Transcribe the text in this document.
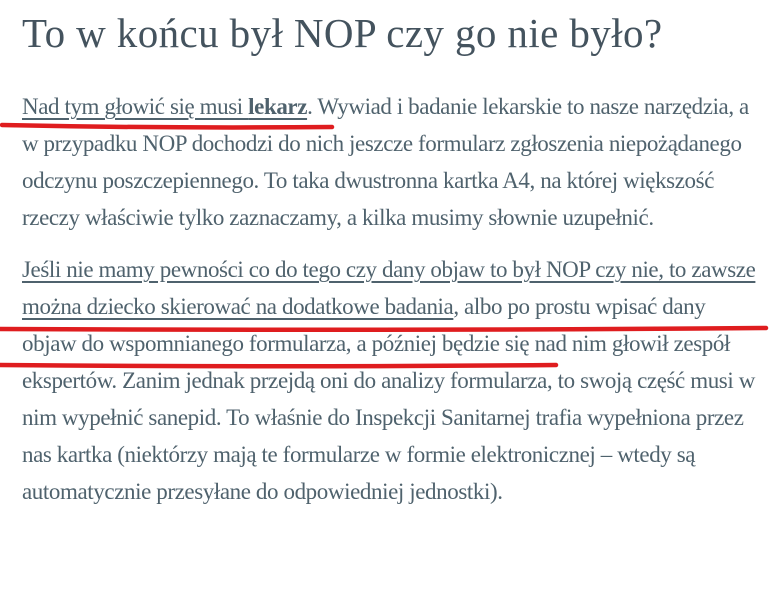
To w końcu był NOP czy go nie było?

Nad tym głowić się musi lekarz. Wywiad i badanie lekarskie to nasze narzędzia, a w przypadku NOP dochodzi do nich jeszcze formularz zgłoszenia niepożądanego odczynu poszczepiennego. To taka dwustronna kartka A4, na której większość rzeczy właściwie tylko zaznaczamy, a kilka musimy słownie uzupełnić.

Jeśli nie mamy pewności co do tego czy dany objaw to był NOP czy nie, to zawsze można dziecko skierować na dodatkowe badania, albo po prostu wpisać dany objaw do wspomnianego formularza, a później będzie się nad nim głowił zespół ekspertów. Zanim jednak przejdą oni do analizy formularza, to swoją część musi w nim wypełnić sanepid. To właśnie do Inspekcji Sanitarnej trafia wypełniona przez nas kartka (niektórzy mają te formularze w formie elektronicznej – wtedy są automatycznie przesyłane do odpowiedniej jednostki).
